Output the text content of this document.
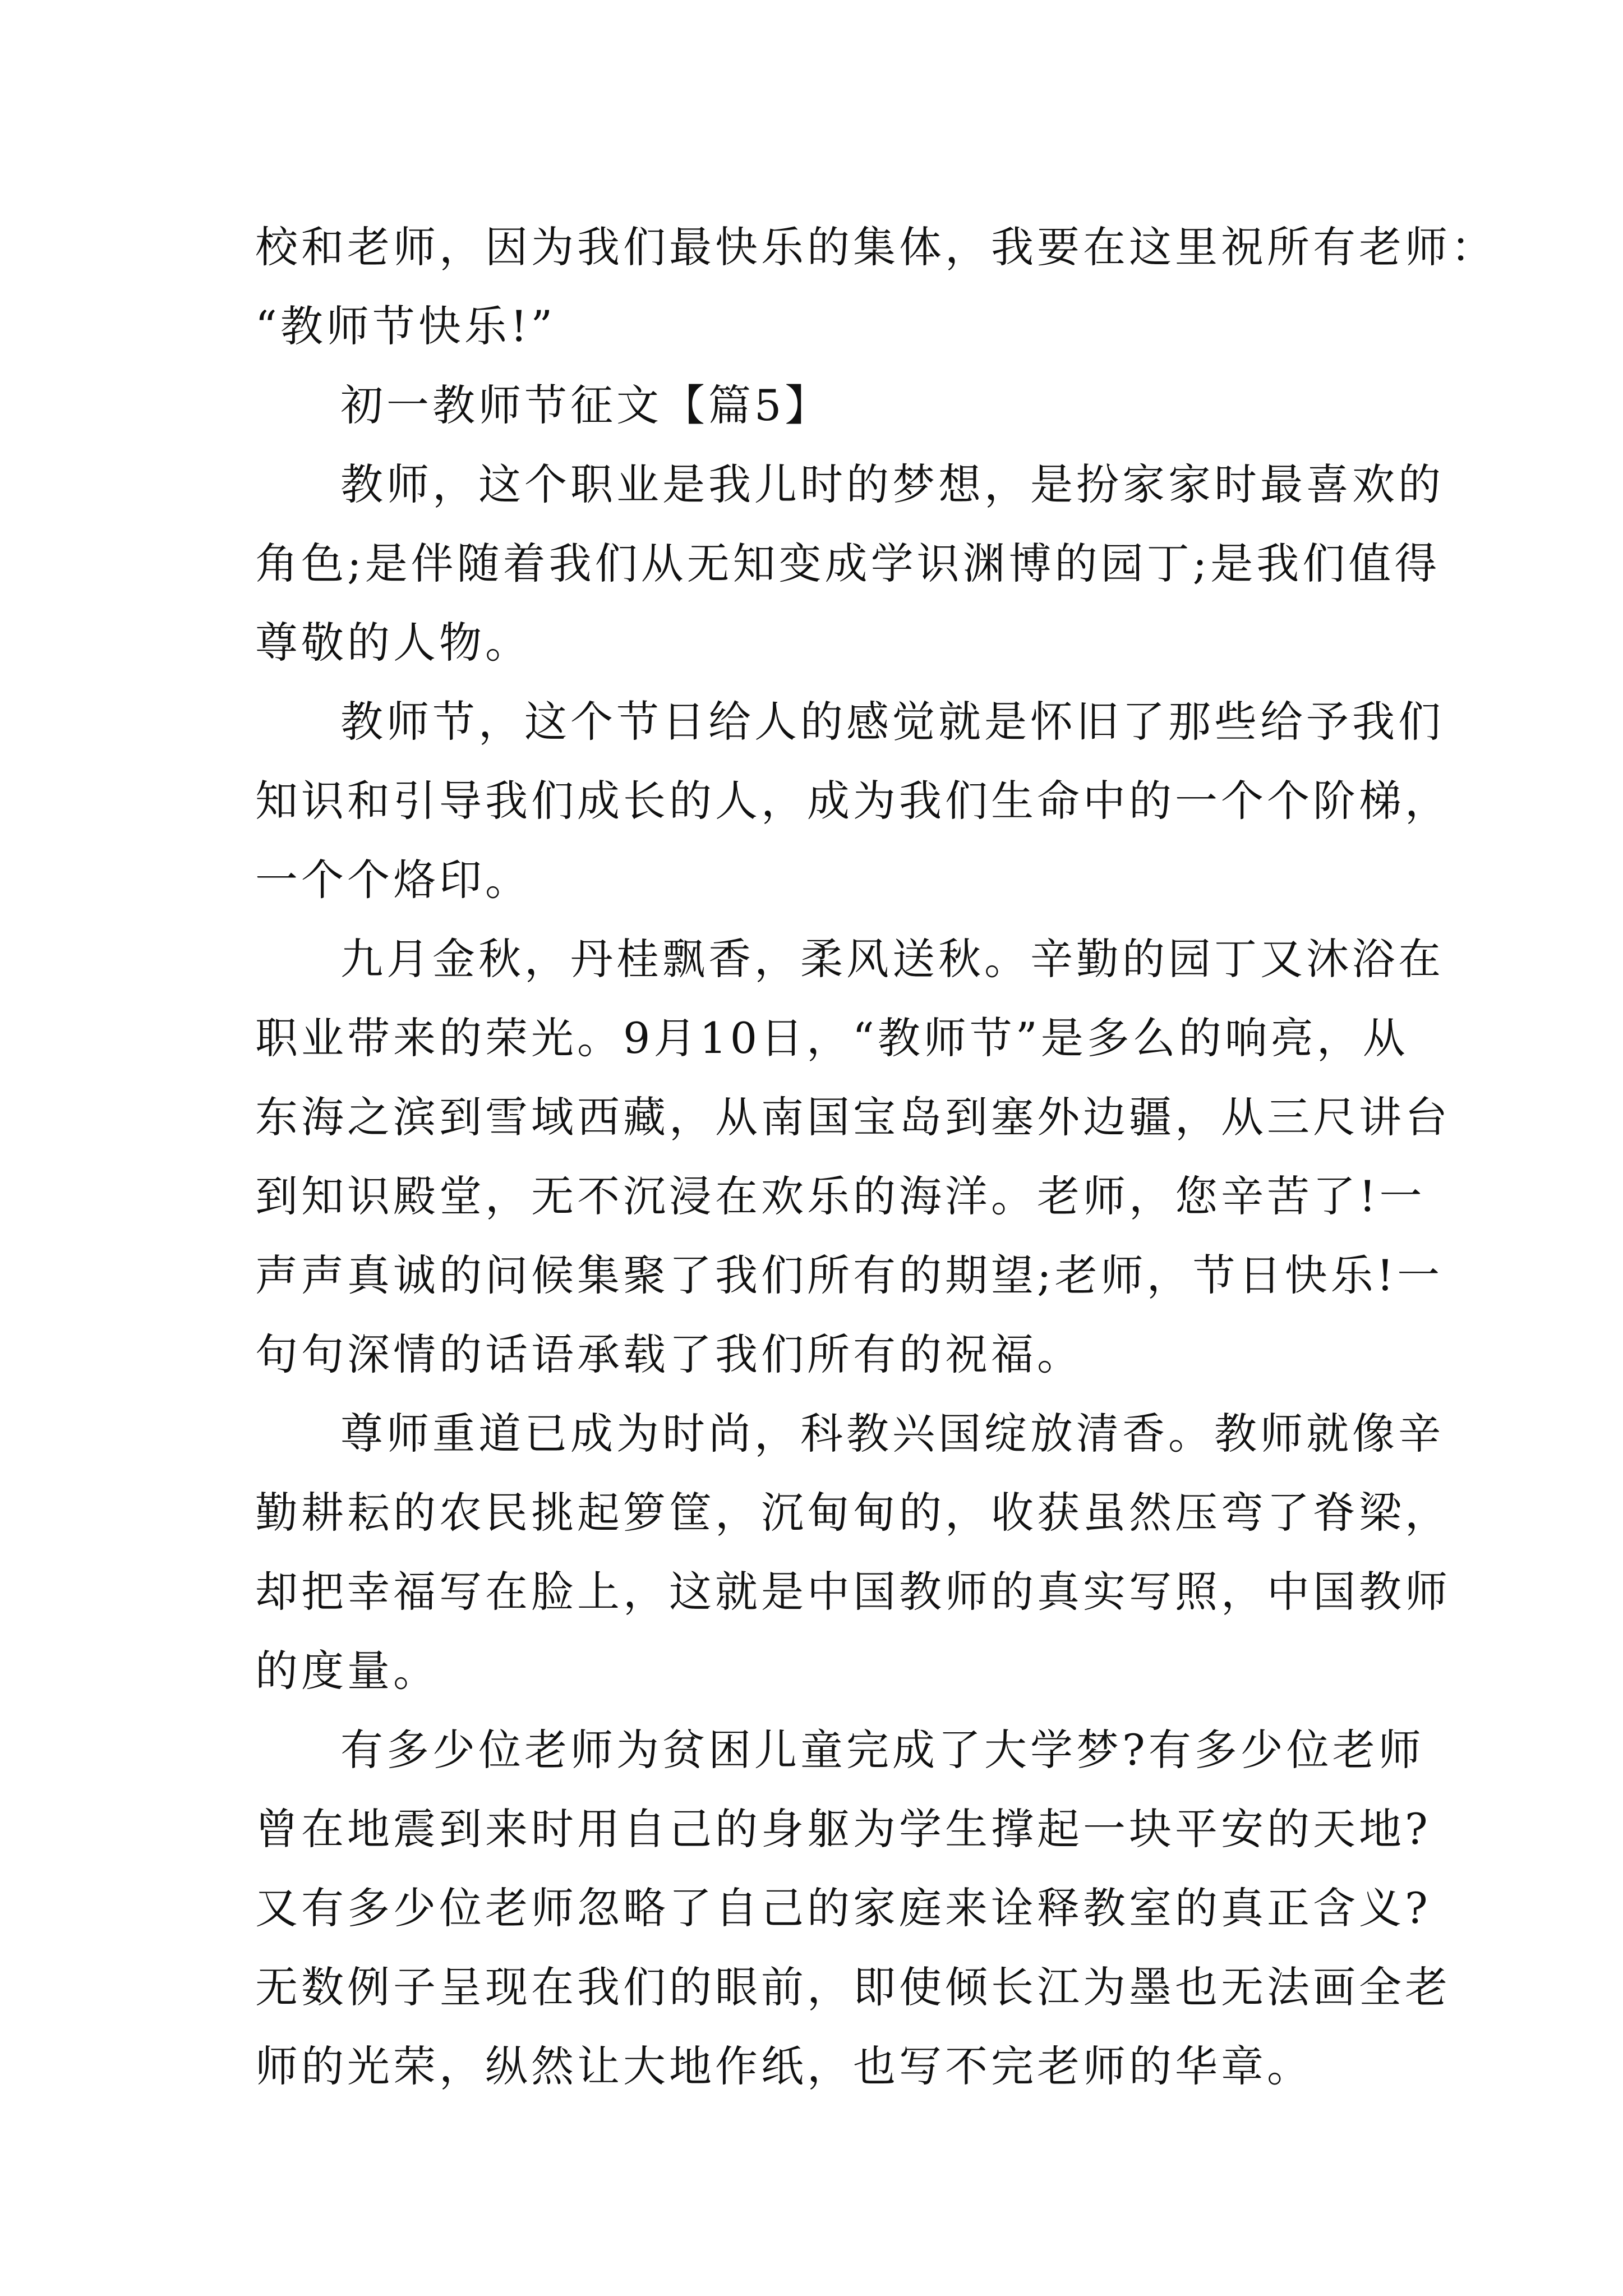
校和老师，因为我们最快乐的集体，我要在这里祝所有老师：
“教师节快乐!”
初一教师节征文【篇5】
教师，这个职业是我儿时的梦想，是扮家家时最喜欢的
角色;是伴随着我们从无知变成学识渊博的园丁;是我们值得
尊敬的人物。
教师节，这个节日给人的感觉就是怀旧了那些给予我们
知识和引导我们成长的人，成为我们生命中的一个个阶梯，
一个个烙印。
九月金秋，丹桂飘香，柔风送秋。辛勤的园丁又沐浴在
职业带来的荣光。9月10日，“教师节”是多么的响亮，从
东海之滨到雪域西藏，从南国宝岛到塞外边疆，从三尺讲台
到知识殿堂，无不沉浸在欢乐的海洋。老师，您辛苦了!一
声声真诚的问候集聚了我们所有的期望;老师，节日快乐!一
句句深情的话语承载了我们所有的祝福。
尊师重道已成为时尚，科教兴国绽放清香。教师就像辛
勤耕耘的农民挑起箩筐，沉甸甸的，收获虽然压弯了脊梁，
却把幸福写在脸上，这就是中国教师的真实写照，中国教师
的度量。
有多少位老师为贫困儿童完成了大学梦?有多少位老师
曾在地震到来时用自己的身躯为学生撑起一块平安的天地?
又有多少位老师忽略了自己的家庭来诠释教室的真正含义?
无数例子呈现在我们的眼前，即使倾长江为墨也无法画全老
师的光荣，纵然让大地作纸，也写不完老师的华章。
